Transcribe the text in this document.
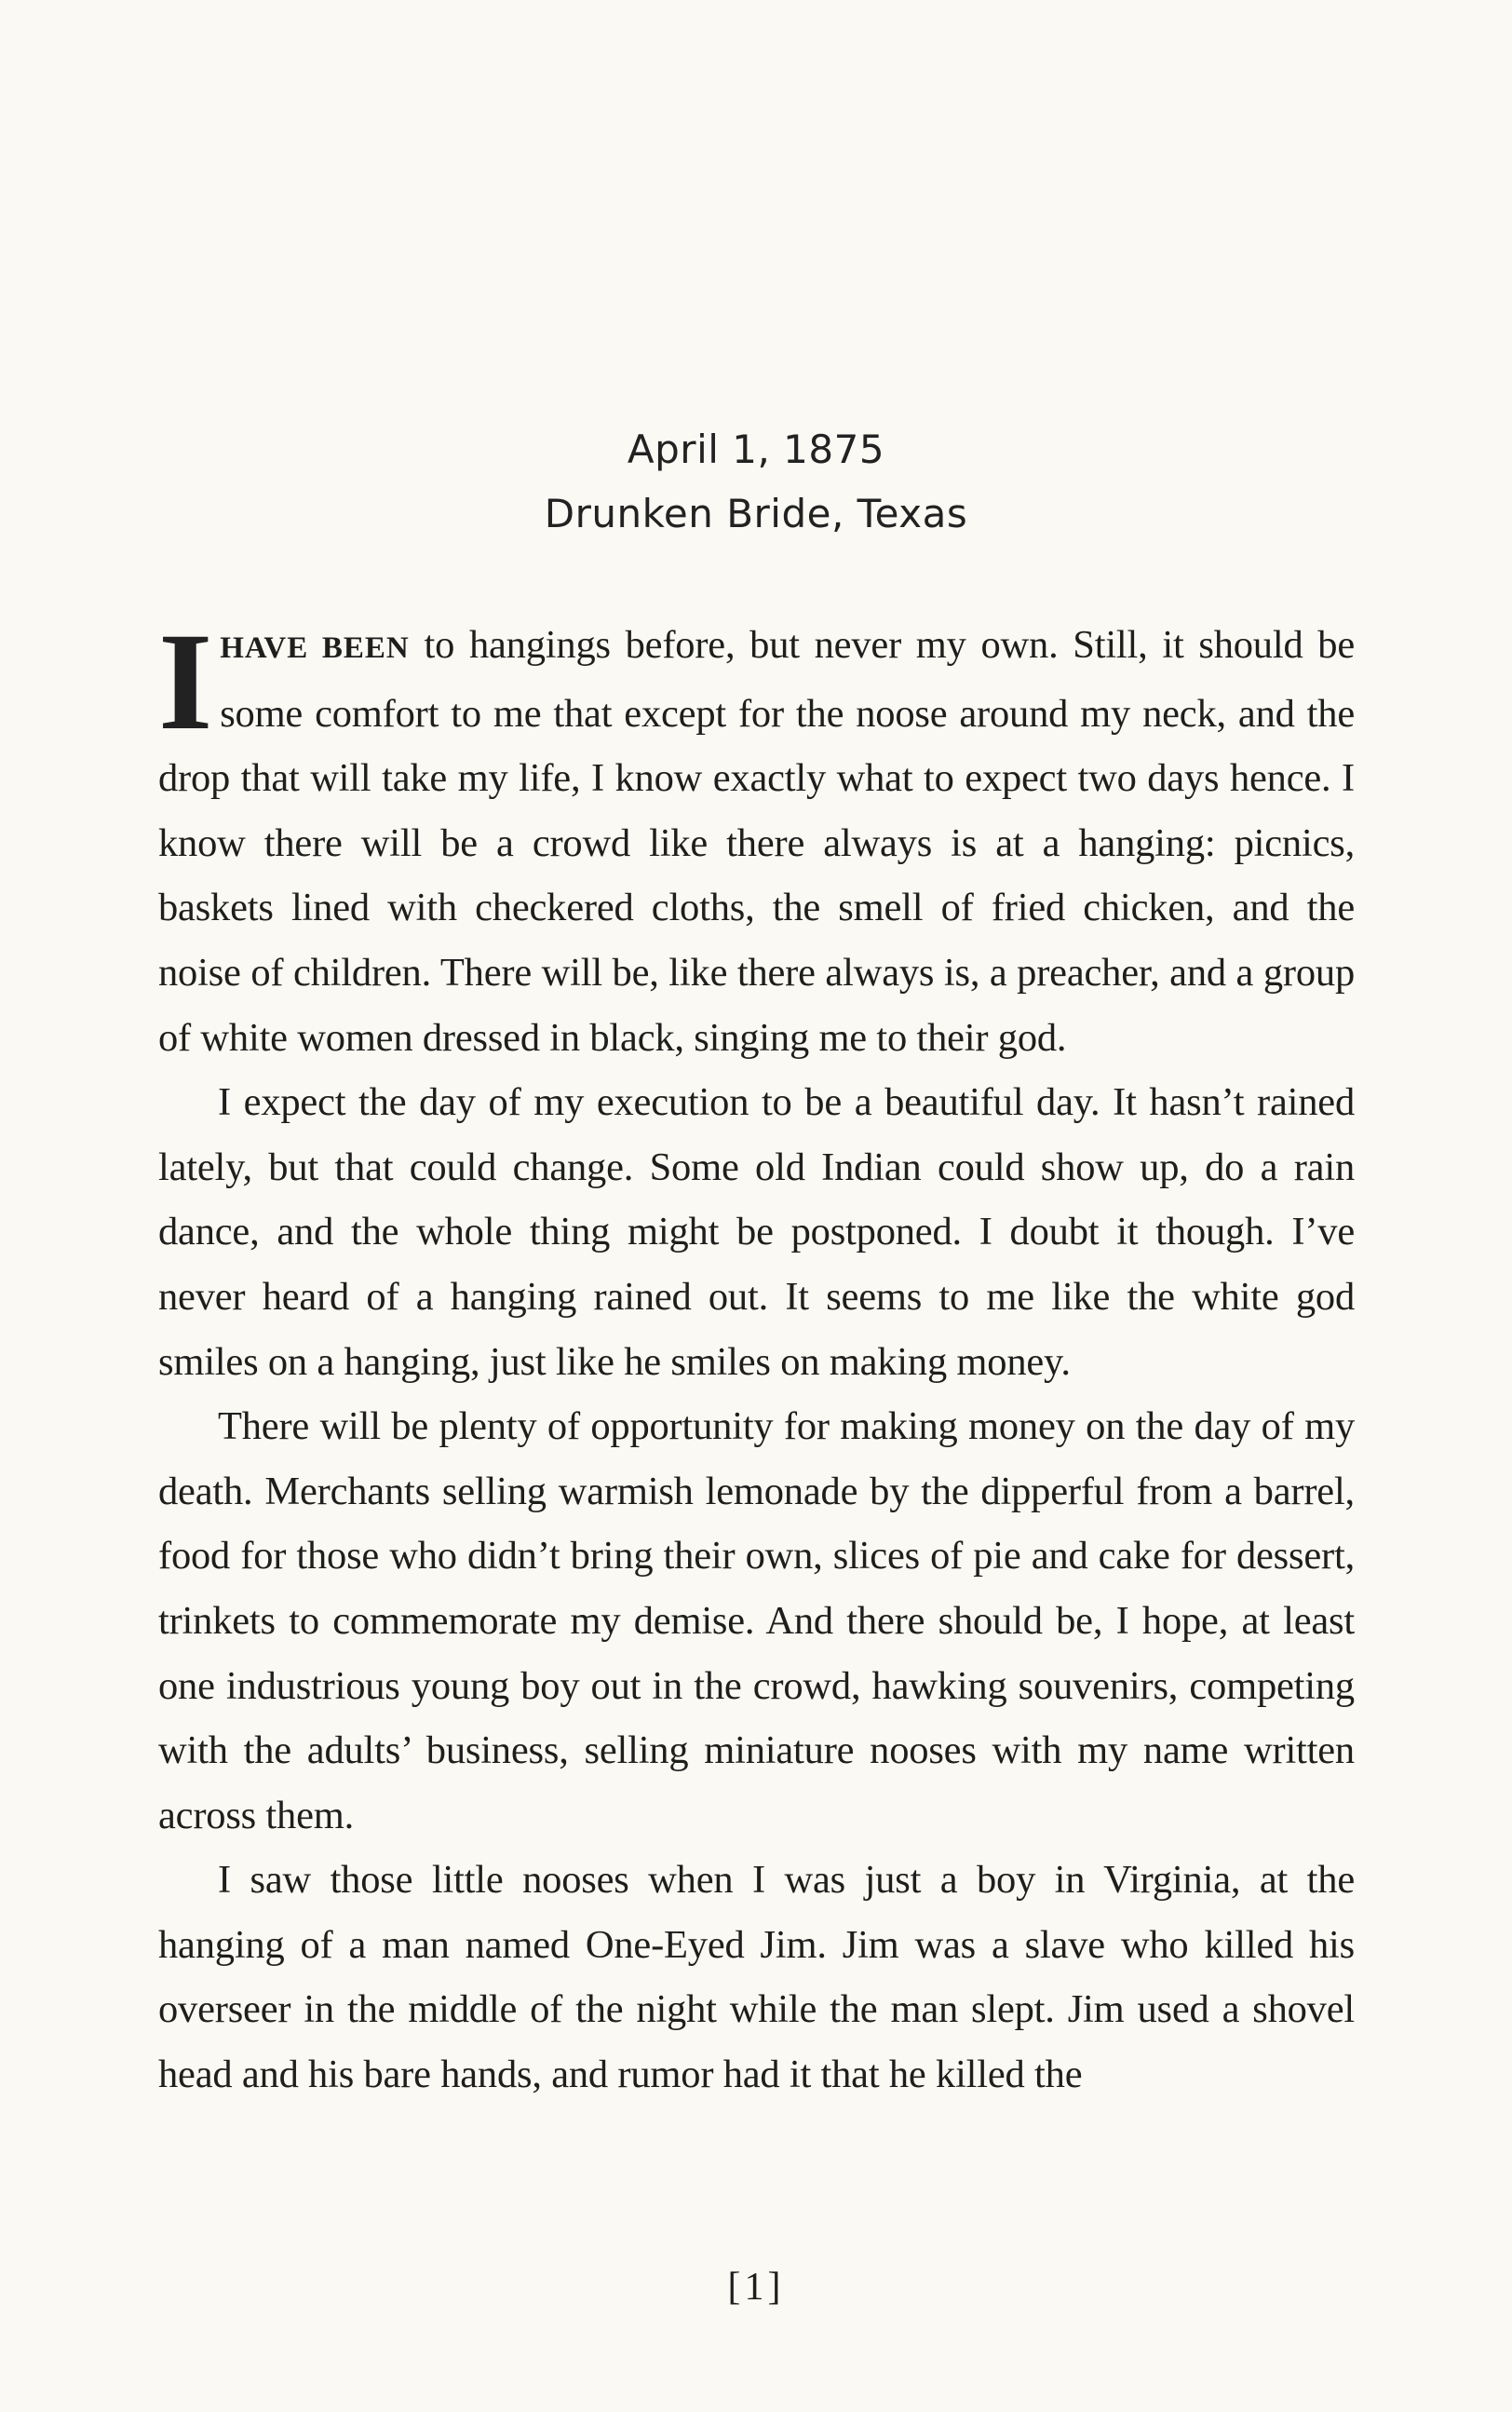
April 1, 1875
Drunken Bride, Texas

IHAVE BEEN to hangings before, but never my own. Still, it should be some comfort to me that except for the noose around my neck, and the drop that will take my life, I know exactly what to expect two days hence. I know there will be a crowd like there always is at a hanging: picnics, baskets lined with checkered cloths, the smell of fried chicken, and the noise of children. There will be, like there always is, a preacher, and a group of white women dressed in black, singing me to their god.

I expect the day of my execution to be a beautiful day. It hasn’t rained lately, but that could change. Some old Indian could show up, do a rain dance, and the whole thing might be postponed. I doubt it though. I’ve never heard of a hanging rained out. It seems to me like the white god smiles on a hanging, just like he smiles on making money.

There will be plenty of opportunity for making money on the day of my death. Merchants selling warmish lemonade by the dipperful from a barrel, food for those who didn’t bring their own, slices of pie and cake for dessert, trinkets to commemorate my demise. And there should be, I hope, at least one industrious young boy out in the crowd, hawking souvenirs, competing with the adults’ business, selling miniature nooses with my name written across them.

I saw those little nooses when I was just a boy in Virginia, at the hanging of a man named One-Eyed Jim. Jim was a slave who killed his overseer in the middle of the night while the man slept. Jim used a shovel head and his bare hands, and rumor had it that he killed the

[1]
